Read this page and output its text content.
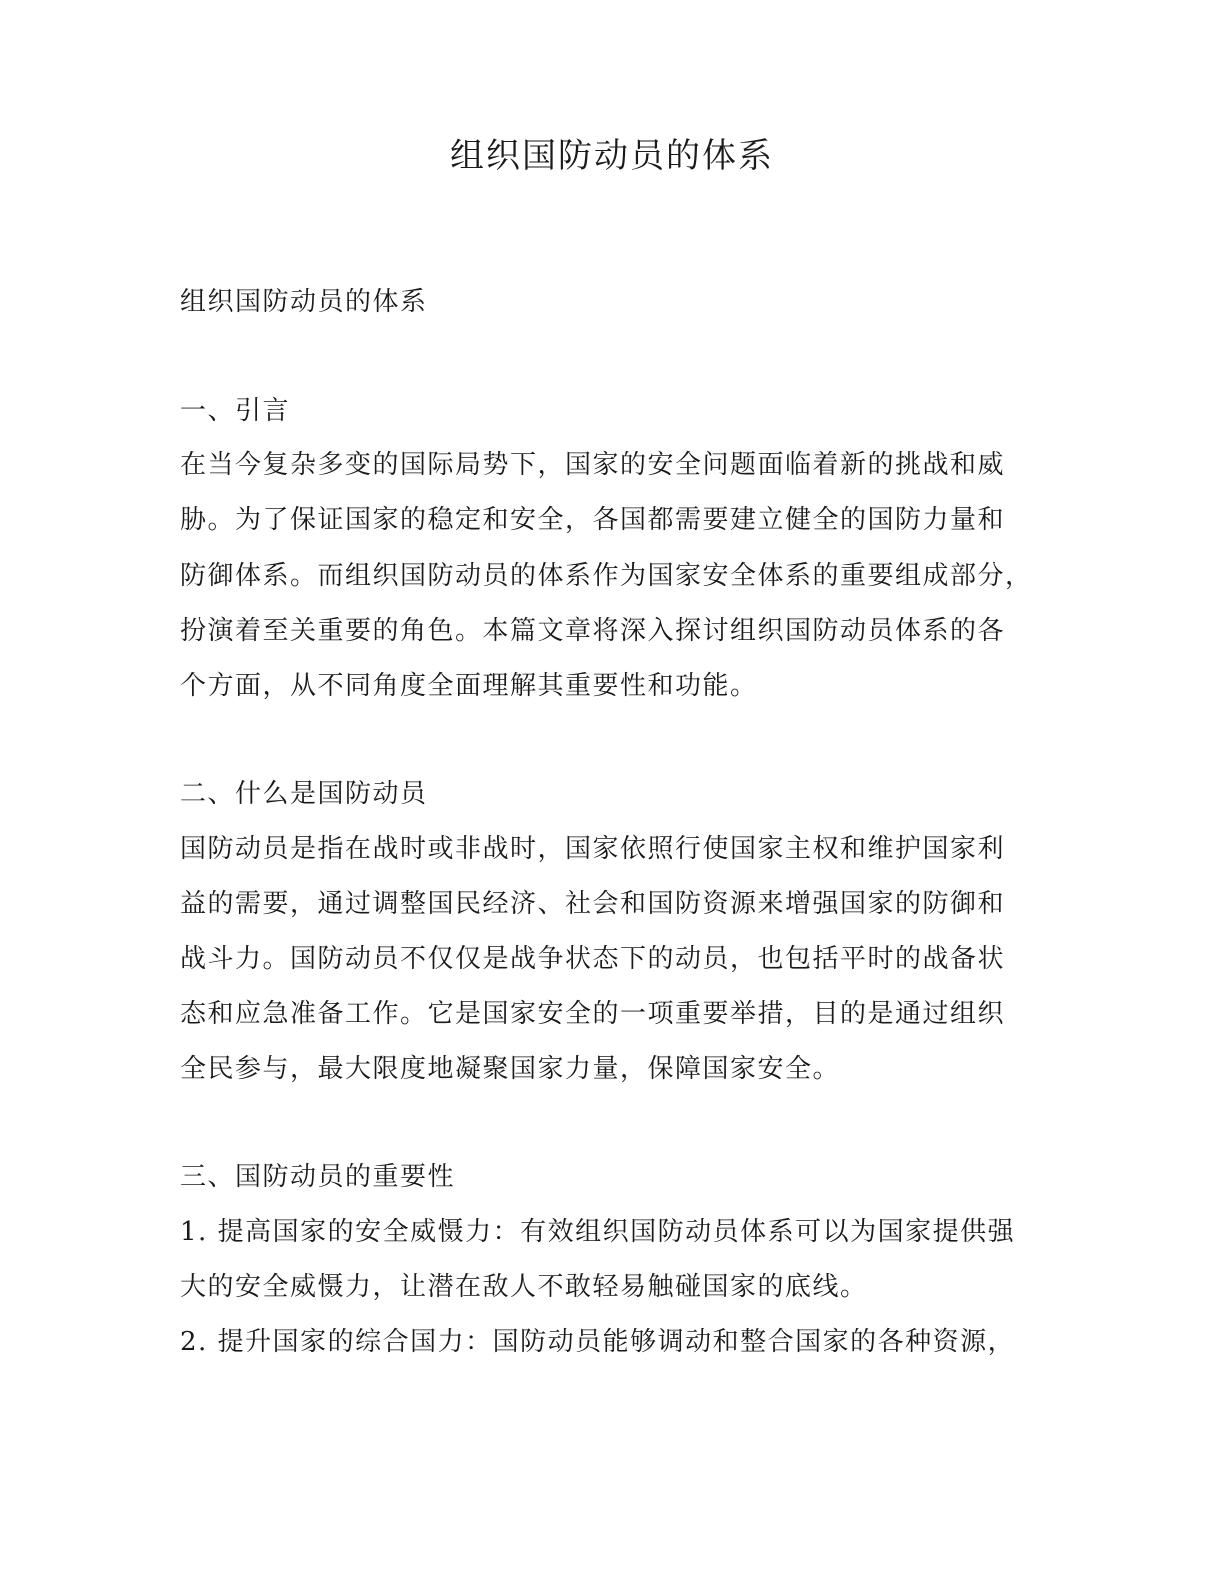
组织国防动员的体系

组织国防动员的体系

一、引言

在当今复杂多变的国际局势下，国家的安全问题面临着新的挑战和威

胁。为了保证国家的稳定和安全，各国都需要建立健全的国防力量和

防御体系。而组织国防动员的体系作为国家安全体系的重要组成部分，

扮演着至关重要的角色。本篇文章将深入探讨组织国防动员体系的各

个方面，从不同角度全面理解其重要性和功能。

二、什么是国防动员

国防动员是指在战时或非战时，国家依照行使国家主权和维护国家利

益的需要，通过调整国民经济、社会和国防资源来增强国家的防御和

战斗力。国防动员不仅仅是战争状态下的动员，也包括平时的战备状

态和应急准备工作。它是国家安全的一项重要举措，目的是通过组织

全民参与，最大限度地凝聚国家力量，保障国家安全。

三、国防动员的重要性

1. 提高国家的安全威慑力：有效组织国防动员体系可以为国家提供强

大的安全威慑力，让潜在敌人不敢轻易触碰国家的底线。

2. 提升国家的综合国力：国防动员能够调动和整合国家的各种资源，
